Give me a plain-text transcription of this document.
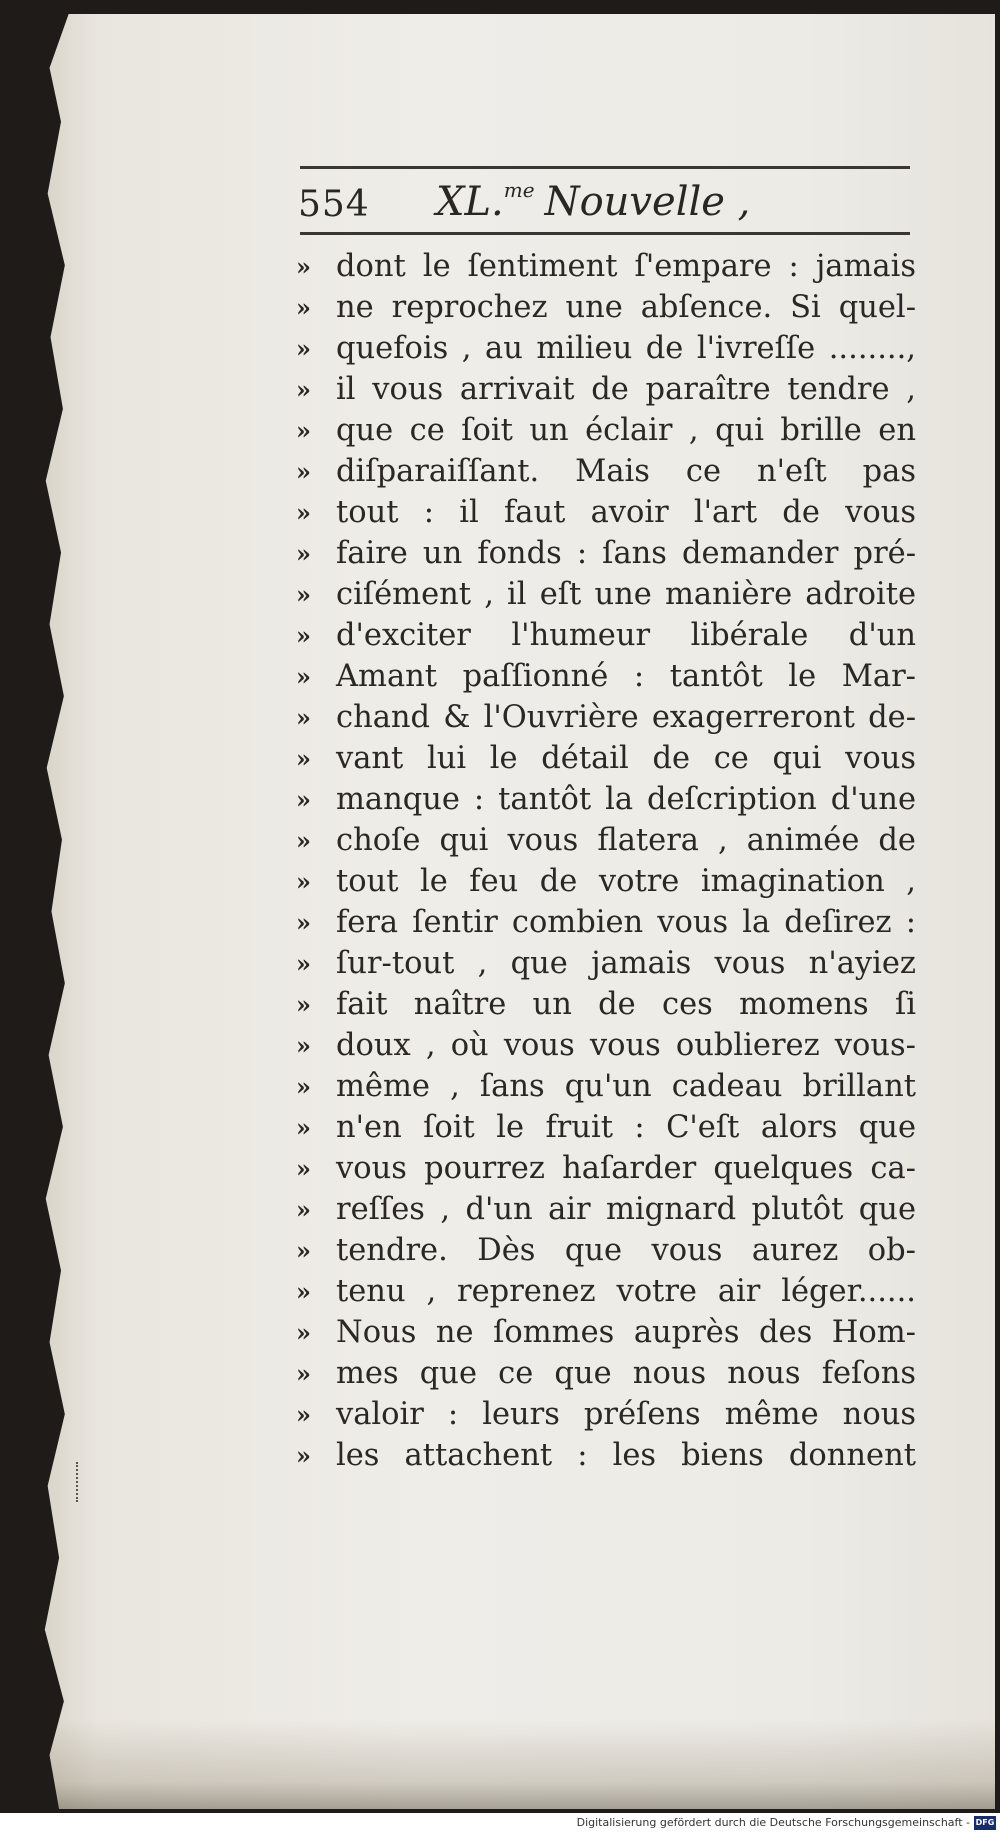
554 XL.$^{me}$ Nouvelle ,
» dont le ſentiment ſ'empare : jamais
» ne reprochez une abſence. Si quel-
» quefois , au milieu de l'ivreſſe ........,
» il vous arrivait de paraître tendre ,
» que ce ſoit un éclair , qui brille en
» diſparaiſſant. Mais ce n'eſt pas
» tout : il faut avoir l'art de vous
» faire un fonds : ſans demander pré-
» ciſément , il eſt une manière adroite
» d'exciter l'humeur libérale d'un
» Amant paſſionné : tantôt le Mar-
» chand & l'Ouvrière exagerreront de-
» vant lui le détail de ce qui vous
» manque : tantôt la deſcription d'une
» choſe qui vous flatera , animée de
» tout le feu de votre imagination ,
» fera ſentir combien vous la deſirez :
» ſur-tout , que jamais vous n'ayiez
» fait naître un de ces momens ſi
» doux , où vous vous oublierez vous-
» même , ſans qu'un cadeau brillant
» n'en ſoit le fruit : C'eſt alors que
» vous pourrez haſarder quelques ca-
» reſſes , d'un air mignard plutôt que
» tendre. Dès que vous aurez ob-
» tenu , reprenez votre air léger......
» Nous ne ſommes auprès des Hom-
» mes que ce que nous nous feſons
» valoir : leurs préſens même nous
» les attachent : les biens donnent
Digitalisierung gefördert durch die Deutsche Forschungsgemeinschaft - DFG
